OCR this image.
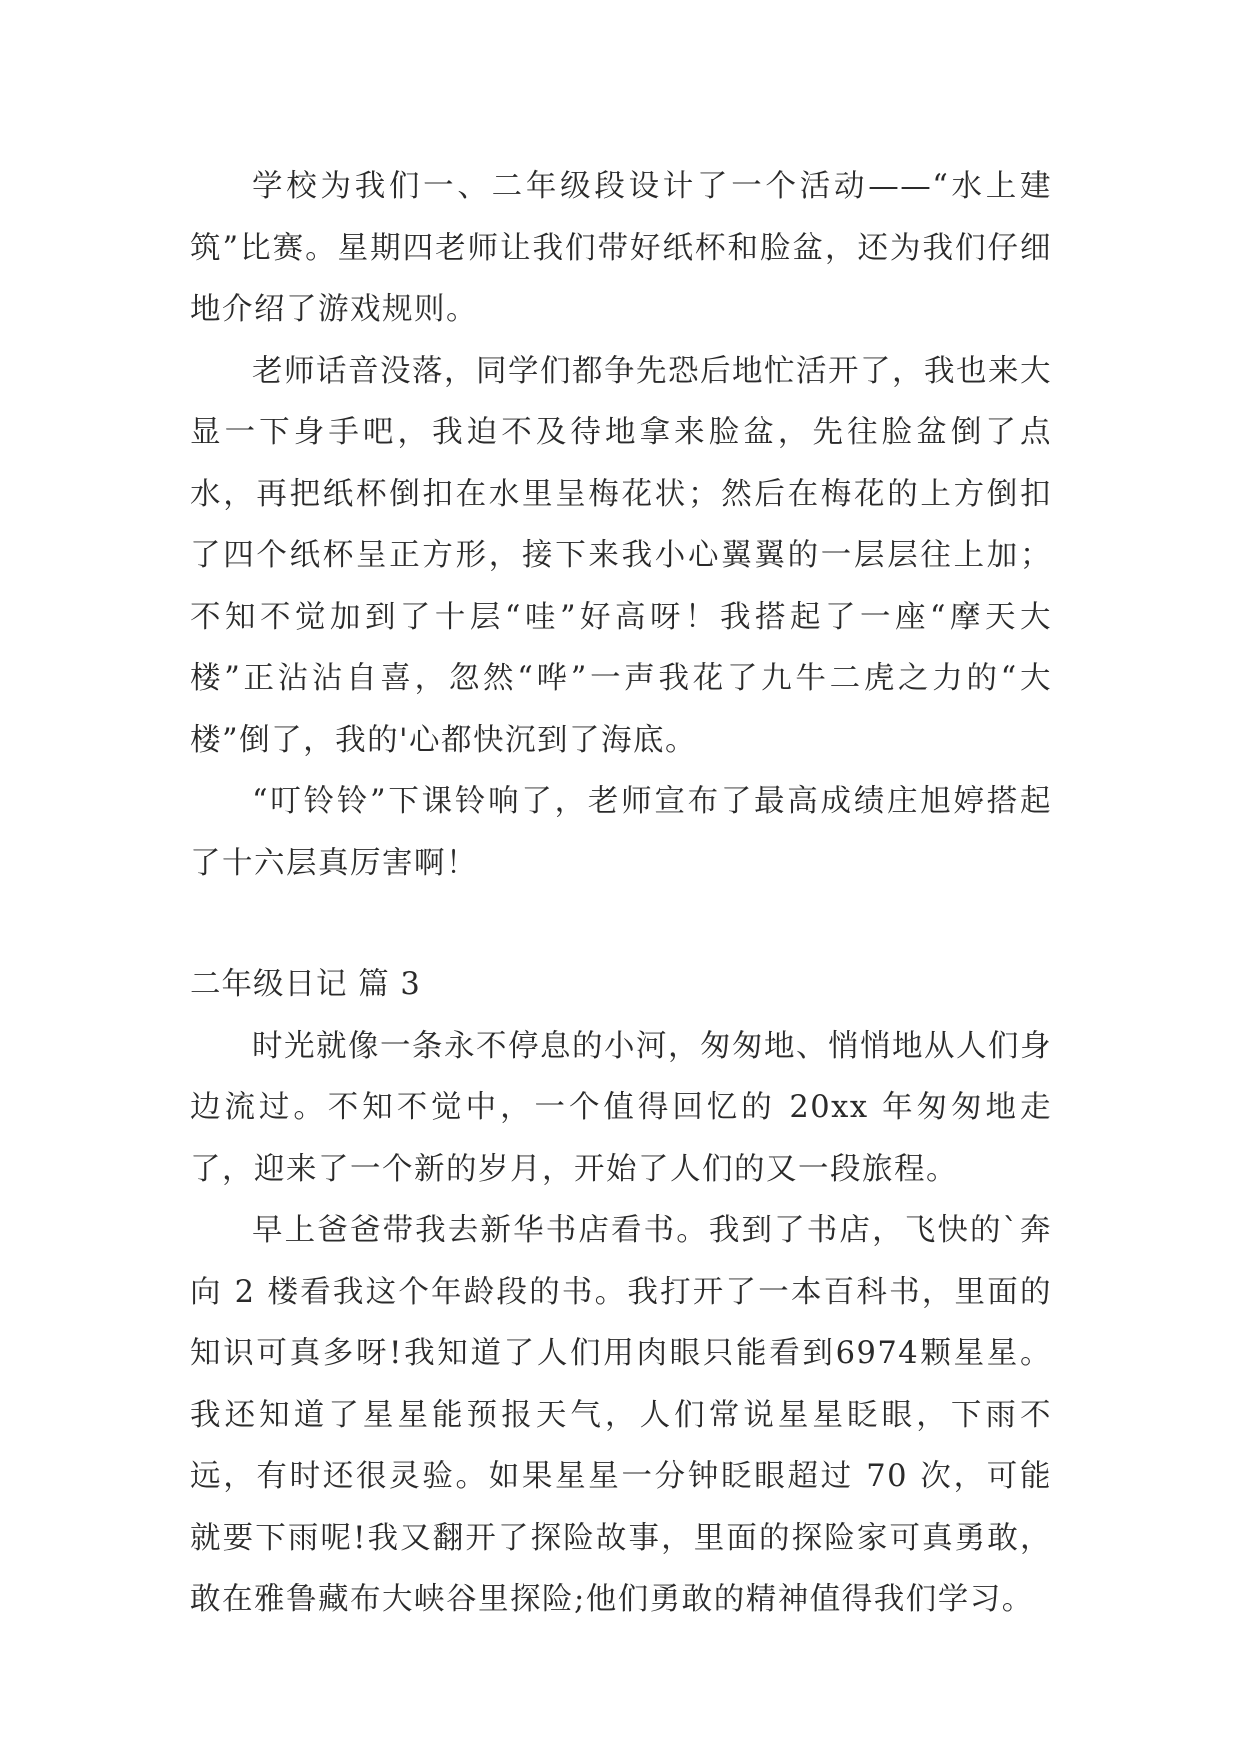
学校为我们一、二年级段设计了一个活动——“水上建筑”比赛。星期四老师让我们带好纸杯和脸盆，还为我们仔细地介绍了游戏规则。

老师话音没落，同学们都争先恐后地忙活开了，我也来大显一下身手吧，我迫不及待地拿来脸盆，先往脸盆倒了点水，再把纸杯倒扣在水里呈梅花状；然后在梅花的上方倒扣了四个纸杯呈正方形，接下来我小心翼翼的一层层往上加；不知不觉加到了十层“哇”好高呀！我搭起了一座“摩天大楼”正沾沾自喜，忽然“哗”一声我花了九牛二虎之力的“大楼”倒了，我的'心都快沉到了海底。

“叮铃铃”下课铃响了，老师宣布了最高成绩庄旭婷搭起了十六层真厉害啊！

二年级日记 篇 3

时光就像一条永不停息的小河，匆匆地、悄悄地从人们身边流过。不知不觉中，一个值得回忆的 20xx 年匆匆地走了，迎来了一个新的岁月，开始了人们的又一段旅程。

早上爸爸带我去新华书店看书。我到了书店，飞快的`奔向 2 楼看我这个年龄段的书。我打开了一本百科书，里面的知识可真多呀!我知道了人们用肉眼只能看到6974颗星星。我还知道了星星能预报天气，人们常说星星眨眼，下雨不远，有时还很灵验。如果星星一分钟眨眼超过 70 次，可能就要下雨呢!我又翻开了探险故事，里面的探险家可真勇敢，敢在雅鲁藏布大峡谷里探险;他们勇敢的精神值得我们学习。
